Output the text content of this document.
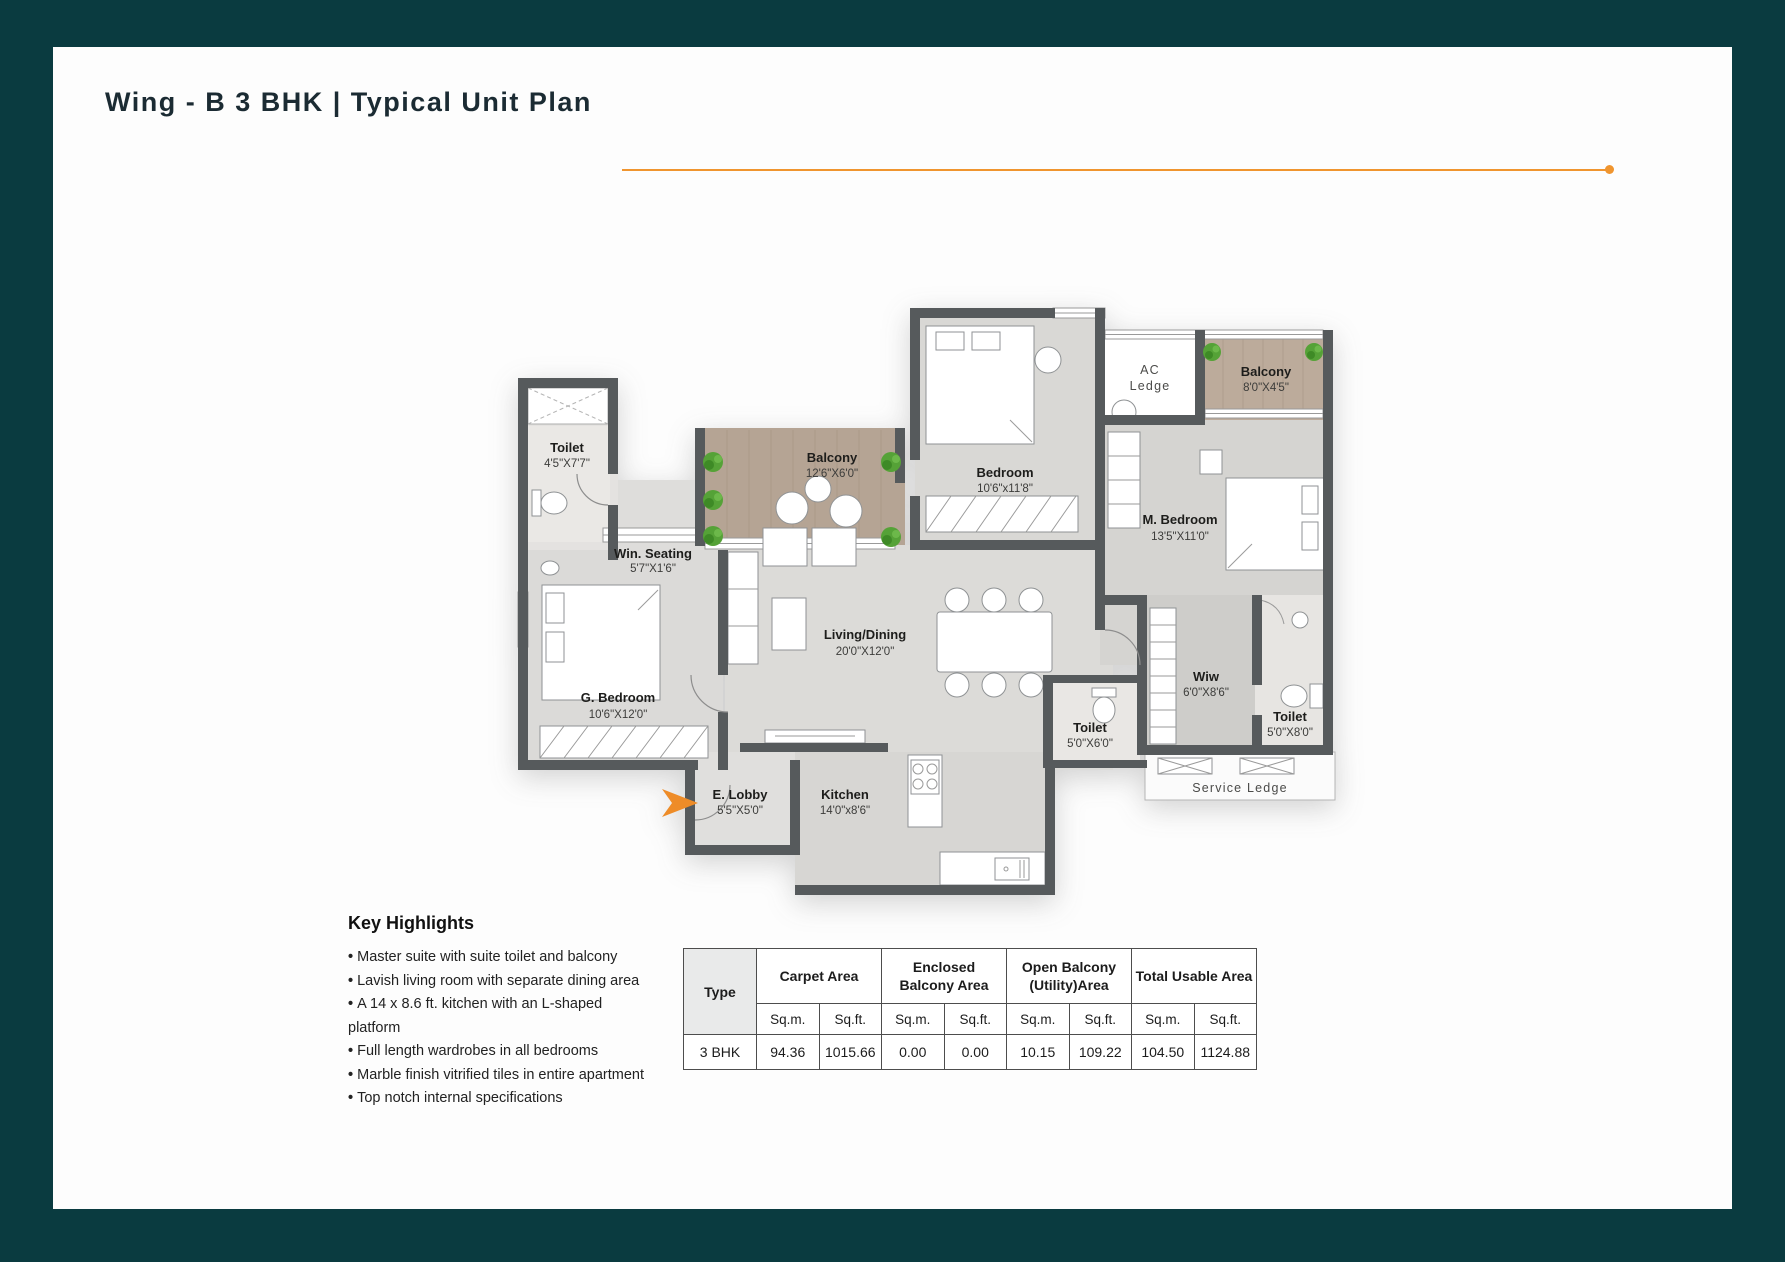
Wing - B 3 BHK | Typical Unit Plan
Toilet
4'5"X7'7"
Win. Seating
5'7"X1'6"
Balcony
12'6"X6'0"	Bedroom
10'6"x11'8"
AC
Ledge
Balcony
8'0"X4'5"
M. Bedroom
13'5"X11'0"
G. Bedroom
10'6"X12'0"
Living/Dining
20'0"X12'0"
E. Lobby
5'5"X5'0"
Kitchen
14'0"x8'6"
Toilet
5'0"X6'0"
Wiw
6'0"X8'6"
Toilet
5'0"X8'0"
Service Ledge
Key Highlights
• Master suite with suite toilet and balcony
• Lavish living room with separate dining area
• A 14 x 8.6 ft. kitchen with an L-shaped platform
• Full length wardrobes in all bedrooms
• Marble finish vitrified tiles in entire apartment
• Top notch internal specifications
Type	Carpet Area		Enclosed Balcony Area		Open Balcony (Utility)Area		Total Usable Area	
	Sq.m.	Sq.ft.	Sq.m.	Sq.ft.	Sq.m.	Sq.ft.	Sq.m.	Sq.ft.
3 BHK	94.36	1015.66	0.00	0.00	10.15	109.22	104.50	1124.88
